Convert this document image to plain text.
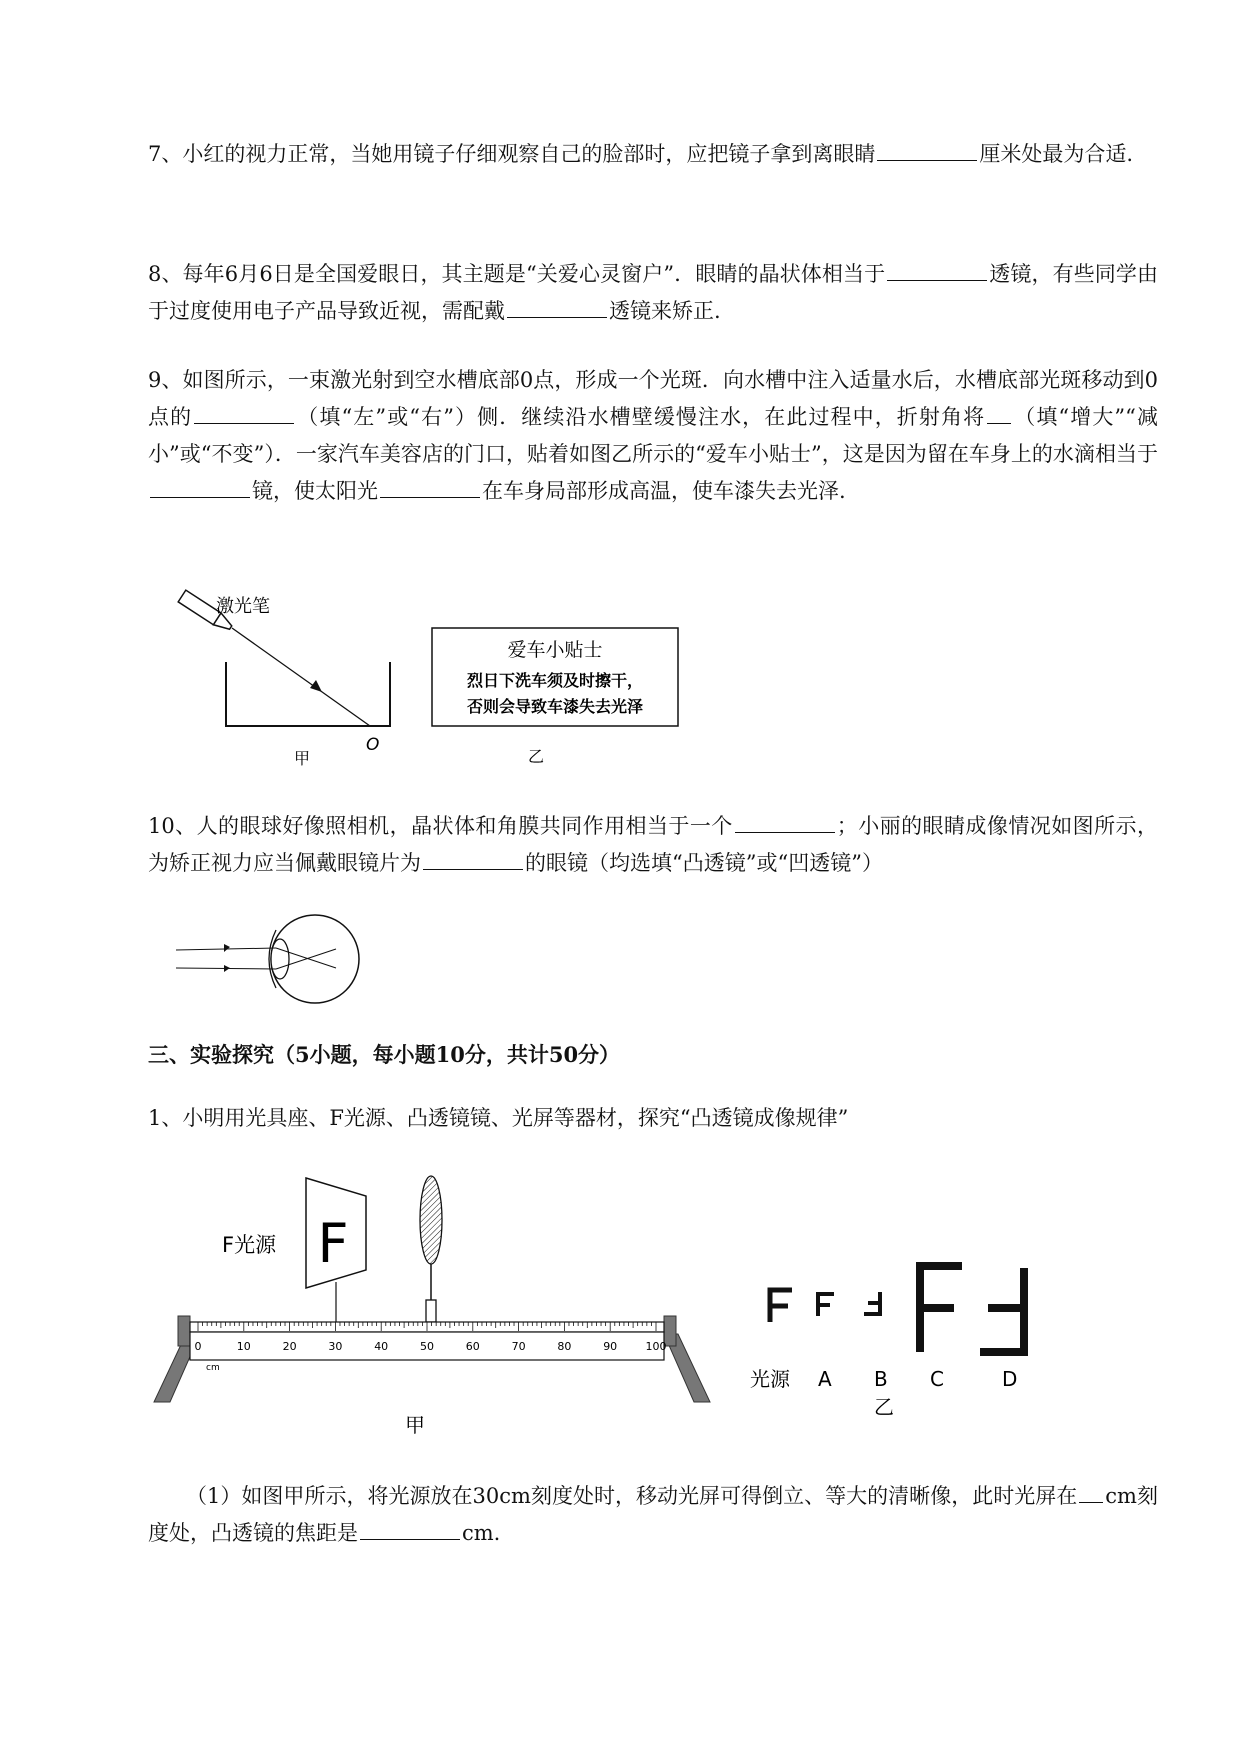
7、小红的视力正常，当她用镜子仔细观察自己的脸部时，应把镜子拿到离眼睛	厘米处最为合适.

8、每年6月6日是全国爱眼日，其主题是“关爱心灵窗户”．眼睛的晶状体相当于	透镜，有些同学由于过度使用电子产品导致近视，需配戴	透镜来矫正.

9、如图所示，一束激光射到空水槽底部0点，形成一个光斑．向水槽中注入适量水后，水槽底部光斑移动到0点的	（填“左”或“右”）侧．继续沿水槽壁缓慢注水，在此过程中，折射角将 （填“增大”“减小”或“不变”）．一家汽车美容店的门口，贴着如图乙所示的“爱车小贴士”，这是因为留在车身上的水滴相当于镜，使太阳光	在车身局部形成高温，使车漆失去光泽.

激光笔
O
甲
爱车小贴士
烈日下洗车须及时擦干，
否则会导致车漆失去光泽
乙

10、人的眼球好像照相机，晶状体和角膜共同作用相当于一个	；小丽的眼睛成像情况如图所示，为矫正视力应当佩戴眼镜片为	的眼镜（均选填“凸透镜”或“凹透镜”）

三、实验探究（5小题，每小题10分，共计50分）

1、小明用光具座、F光源、凸透镜镜、光屏等器材，探究“凸透镜成像规律”

F光源 F
0	10	20	30	40	50	60	70	80	90	100
cm
甲
光源 A B C	D
乙

（1）如图甲所示，将光源放在30cm刻度处时，移动光屏可得倒立、等大的清晰像，此时光屏在 cm刻度处，凸透镜的焦距是	cm.
